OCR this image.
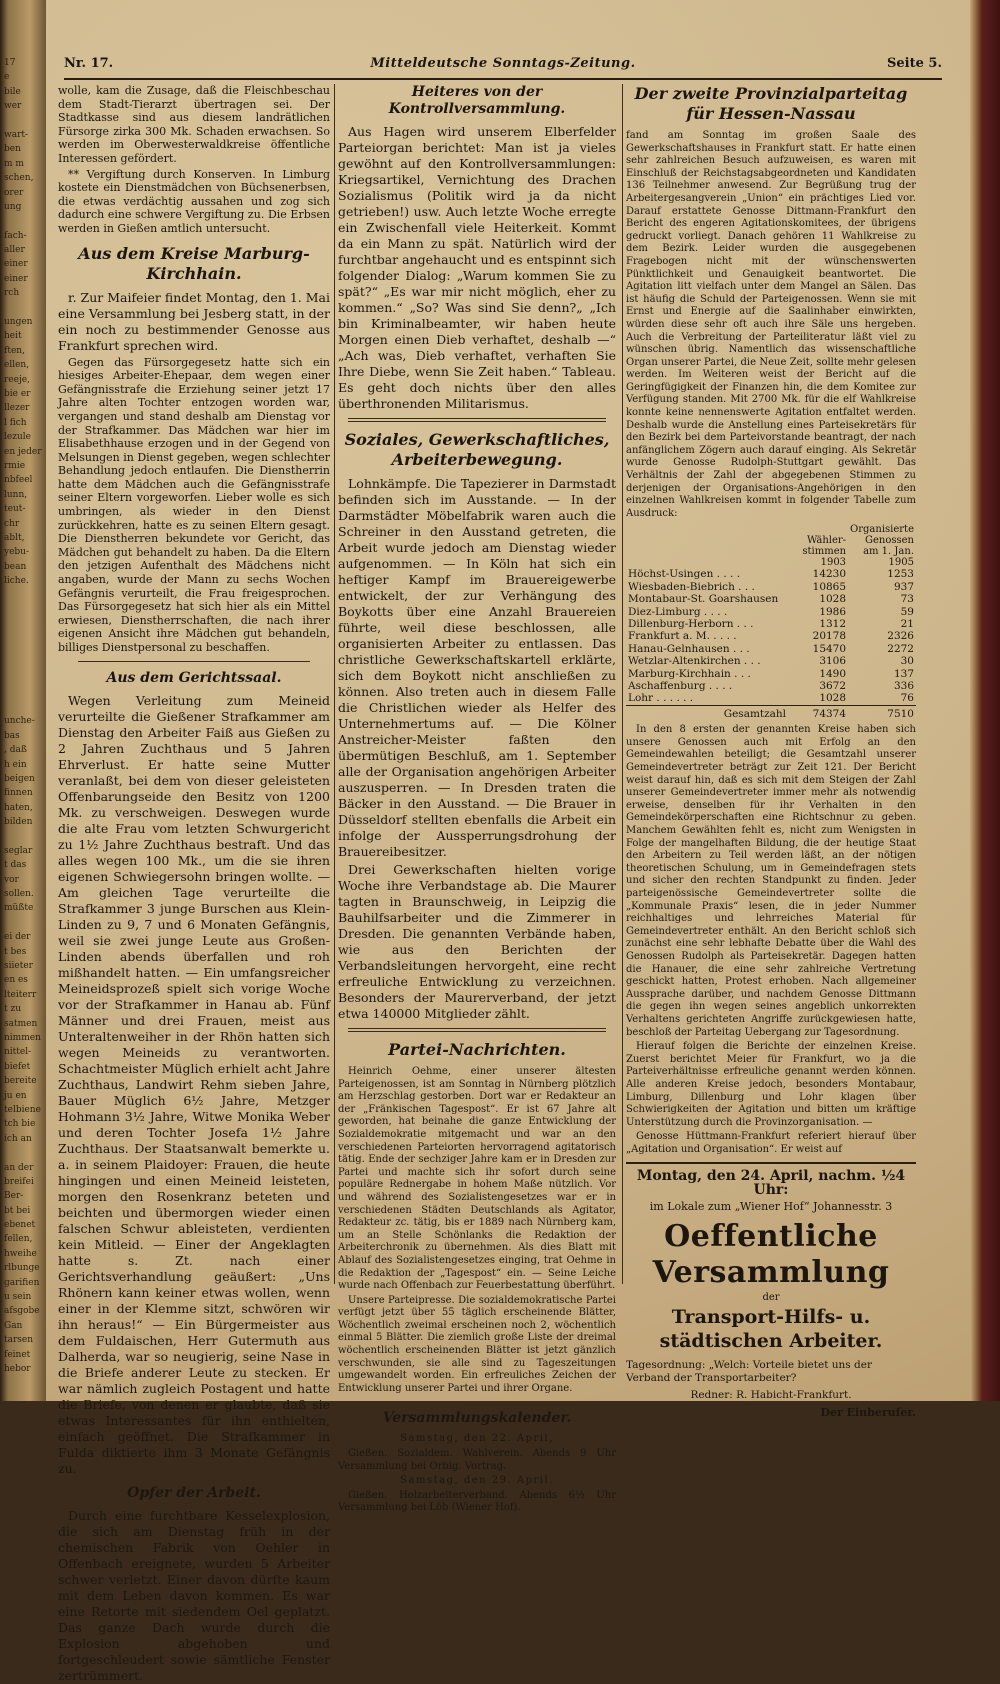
17
e
bile
wer

wart-
ben
m m
schen,
orer
ung

fach-
aller
einer
einer
rch

ungen
heit
ften,
ellen,
reeje,
bie er
llezer
l fich
lezule
en jeder
rmie
nbfeel
lunn,
teut-
chr
ablt,
yebu-
bean
liche.

unche-
bas
, daß
h ein
beigen
finnen
haten,
bilden

seglar
t das
vor
sollen.
müßte

ei der
t bes
siieter
en es
lteiterr
t zu
satmen
nimmen
nittel-
biefet
bereite
ju en
telbiene
tch bie
ich an

an der
breifei
Ber-
bt bei
ebenet
fellen,
hweihe
rlbunge
garifien
u sein
afsgobe
Gan
tarsen
feinet
hebor
Nr. 17.	Mitteldeutsche Sonntags-Zeitung.	Seite 5.

wolle, kam die Zusage, daß die Fleischbeschau dem Stadt-Tierarzt übertragen sei. Der Stadtkasse sind aus diesem landrätlichen Fürsorge zirka 300 Mk. Schaden erwachsen. So werden im Oberwesterwaldkreise öffentliche Interessen gefördert.

** Vergiftung durch Konserven. In Limburg kostete ein Dienstmädchen von Büchsenerbsen, die etwas verdächtig aussahen und zog sich dadurch eine schwere Vergiftung zu. Die Erbsen werden in Gießen amtlich untersucht.

Aus dem Kreise Marburg-Kirchhain.

r. Zur Maifeier findet Montag, den 1. Mai eine Versammlung bei Jesberg statt, in der ein noch zu bestimmender Genosse aus Frankfurt sprechen wird.

Gegen das Fürsorgegesetz hatte sich ein hiesiges Arbeiter-Ehepaar, dem wegen einer Gefängnisstrafe die Erziehung seiner jetzt 17 Jahre alten Tochter entzogen worden war, vergangen und stand deshalb am Dienstag vor der Strafkammer. Das Mädchen war hier im Elisabethhause erzogen und in der Gegend von Melsungen in Dienst gegeben, wegen schlechter Behandlung jedoch entlaufen. Die Dienstherrin hatte dem Mädchen auch die Gefängnisstrafe seiner Eltern vorgeworfen. Lieber wolle es sich umbringen, als wieder in den Dienst zurückkehren, hatte es zu seinen Eltern gesagt. Die Dienstherren bekundete vor Gericht, das Mädchen gut behandelt zu haben. Da die Eltern den jetzigen Aufenthalt des Mädchens nicht angaben, wurde der Mann zu sechs Wochen Gefängnis verurteilt, die Frau freigesprochen. Das Fürsorgegesetz hat sich hier als ein Mittel erwiesen, Dienstherrschaften, die nach ihrer eigenen Ansicht ihre Mädchen gut behandeln, billiges Dienstpersonal zu beschaffen.

Aus dem Gerichtssaal.

Wegen Verleitung zum Meineid verurteilte die Gießener Strafkammer am Dienstag den Arbeiter Faiß aus Gießen zu 2 Jahren Zuchthaus und 5 Jahren Ehrverlust. Er hatte seine Mutter veranlaßt, bei dem von dieser geleisteten Offenbarungseide den Besitz von 1200 Mk. zu verschweigen. Deswegen wurde die alte Frau vom letzten Schwurgericht zu 1½ Jahre Zuchthaus bestraft. Und das alles wegen 100 Mk., um die sie ihren eigenen Schwiegersohn bringen wollte. — Am gleichen Tage verurteilte die Strafkammer 3 junge Burschen aus Klein-Linden zu 9, 7 und 6 Monaten Gefängnis, weil sie zwei junge Leute aus Großen-Linden abends überfallen und roh mißhandelt hatten. — Ein umfangsreicher Meineidsprozeß spielt sich vorige Woche vor der Strafkammer in Hanau ab. Fünf Männer und drei Frauen, meist aus Unteraltenweiher in der Rhön hatten sich wegen Meineids zu verantworten. Schachtmeister Müglich erhielt acht Jahre Zuchthaus, Landwirt Rehm sieben Jahre, Bauer Müglich 6½ Jahre, Metzger Hohmann 3½ Jahre, Witwe Monika Weber und deren Tochter Josefa 1½ Jahre Zuchthaus. Der Staatsanwalt bemerkte u. a. in seinem Plaidoyer: Frauen, die heute hingingen und einen Meineid leisteten, morgen den Rosenkranz beteten und beichten und übermorgen wieder einen falschen Schwur ableisteten, verdienten kein Mitleid. — Einer der Angeklagten hatte s. Zt. nach einer Gerichtsverhandlung geäußert: „Uns Rhönern kann keiner etwas wollen, wenn einer in der Klemme sitzt, schwören wir ihn heraus!“ — Ein Bürgermeister aus dem Fuldaischen, Herr Gutermuth aus Dalherda, war so neugierig, seine Nase in die Briefe anderer Leute zu stecken. Er war nämlich zugleich Postagent und hatte die Briefe, von denen er glaubte, daß sie etwas Interessantes für ihn enthielten, einfach geöffnet. Die Strafkammer in Fulda diktierte ihm 3 Monate Gefängnis zu.

Opfer der Arbeit.

Durch eine furchtbare Kesselexplosion, die sich am Dienstag früh in der chemischen Fabrik von Oehler in Offenbach ereignete, wurden 5 Arbeiter schwer verletzt. Einer davon dürfte kaum mit dem Leben davon kommen. Es war eine Retorte mit siedendem Oel geplatzt. Das ganze Dach wurde durch die Explosion abgehoben und fortgeschleudert sowie sämtliche Fenster zertrümmert.

Heiteres von der Kontrollversammlung.

Aus Hagen wird unserem Elberfelder Parteiorgan berichtet: Man ist ja vieles gewöhnt auf den Kontrollversammlungen: Kriegsartikel, Vernichtung des Drachen Sozialismus (Politik wird ja da nicht getrieben!) usw. Auch letzte Woche erregte ein Zwischenfall viele Heiterkeit. Kommt da ein Mann zu spät. Natürlich wird der furchtbar angehaucht und es entspinnt sich folgender Dialog: „Warum kommen Sie zu spät?“ „Es war mir nicht möglich, eher zu kommen.“ „So? Was sind Sie denn?„ „Ich bin Kriminalbeamter, wir haben heute Morgen einen Dieb verhaftet, deshalb —“ „Ach was, Dieb verhaftet, verhaften Sie Ihre Diebe, wenn Sie Zeit haben.“ Tableau. Es geht doch nichts über den alles überthronenden Militarismus.

Soziales, Gewerkschaftliches, Arbeiterbewegung.

Lohnkämpfe. Die Tapezierer in Darmstadt befinden sich im Ausstande. — In der Darmstädter Möbelfabrik waren auch die Schreiner in den Ausstand getreten, die Arbeit wurde jedoch am Dienstag wieder aufgenommen. — In Köln hat sich ein heftiger Kampf im Brauereigewerbe entwickelt, der zur Verhängung des Boykotts über eine Anzahl Brauereien führte, weil diese beschlossen, alle organisierten Arbeiter zu entlassen. Das christliche Gewerkschaftskartell erklärte, sich dem Boykott nicht anschließen zu können. Also treten auch in diesem Falle die Christlichen wieder als Helfer des Unternehmertums auf. — Die Kölner Anstreicher-Meister faßten den übermütigen Beschluß, am 1. September alle der Organisation angehörigen Arbeiter auszusperren. — In Dresden traten die Bäcker in den Ausstand. — Die Brauer in Düsseldorf stellten ebenfalls die Arbeit ein infolge der Aussperrungsdrohung der Brauereibesitzer.

Drei Gewerkschaften hielten vorige Woche ihre Verbandstage ab. Die Maurer tagten in Braunschweig, in Leipzig die Bauhilfsarbeiter und die Zimmerer in Dresden. Die genannten Verbände haben, wie aus den Berichten der Verbandsleitungen hervorgeht, eine recht erfreuliche Entwicklung zu verzeichnen. Besonders der Maurerverband, der jetzt etwa 140000 Mitglieder zählt.

Partei-Nachrichten.

Heinrich Oehme, einer unserer ältesten Parteigenossen, ist am Sonntag in Nürnberg plötzlich am Herzschlag gestorben. Dort war er Redakteur an der „Fränkischen Tagespost“. Er ist 67 Jahre alt geworden, hat beinahe die ganze Entwicklung der Sozialdemokratie mitgemacht und war an den verschiedenen Parteiorten hervorragend agitatorisch tätig. Ende der sechziger Jahre kam er in Dresden zur Partei und machte sich ihr sofort durch seine populäre Rednergabe in hohem Maße nützlich. Vor und während des Sozialistengesetzes war er in verschiedenen Städten Deutschlands als Agitator, Redakteur zc. tätig, bis er 1889 nach Nürnberg kam, um an Stelle Schönlanks die Redaktion der Arbeiterchronik zu übernehmen. Als dies Blatt mit Ablauf des Sozialistengesetzes einging, trat Oehme in die Redaktion der „Tagespost“ ein. — Seine Leiche wurde nach Offenbach zur Feuerbestattung überführt.

Unsere Parteipresse. Die sozialdemokratische Partei verfügt jetzt über 55 täglich erscheinende Blätter, Wöchentlich zweimal erscheinen noch 2, wöchentlich einmal 5 Blätter. Die ziemlich große Liste der dreimal wöchentlich erscheinenden Blätter ist jetzt gänzlich verschwunden, sie alle sind zu Tageszeitungen umgewandelt worden. Ein erfreuliches Zeichen der Entwicklung unserer Partei und ihrer Organe.

Versammlungskalender.

Samstag, den 22. April,

Gießen. Sozialdem. Wahlverein. Abends 9 Uhr Versammlung bei Orbig. Vortrag.

Samstag, den 29. April.

Gießen. Holzarbeiterverband. Abends 6½ Uhr Versammlung bei Löb (Wiener Hof).

Der zweite Provinzialparteitag für Hessen-Nassau

fand am Sonntag im großen Saale des Gewerkschaftshauses in Frankfurt statt. Er hatte einen sehr zahlreichen Besuch aufzuweisen, es waren mit Einschluß der Reichstagsabgeordneten und Kandidaten 136 Teilnehmer anwesend. Zur Begrüßung trug der Arbeitergesangverein „Union“ ein prächtiges Lied vor. Darauf erstattete Genosse Dittmann-Frankfurt den Bericht des engeren Agitationskomitees, der übrigens gedruckt vorliegt. Danach gehören 11 Wahlkreise zu dem Bezirk. Leider wurden die ausgegebenen Fragebogen nicht mit der wünschenswerten Pünktlichkeit und Genauigkeit beantwortet. Die Agitation litt vielfach unter dem Mangel an Sälen. Das ist häufig die Schuld der Parteigenossen. Wenn sie mit Ernst und Energie auf die Saalinhaber einwirkten, würden diese sehr oft auch ihre Säle uns hergeben. Auch die Verbreitung der Parteiliteratur läßt viel zu wünschen übrig. Namentlich das wissenschaftliche Organ unserer Partei, die Neue Zeit, sollte mehr gelesen werden. Im Weiteren weist der Bericht auf die Geringfügigkeit der Finanzen hin, die dem Komitee zur Verfügung standen. Mit 2700 Mk. für die elf Wahlkreise konnte keine nennenswerte Agitation entfaltet werden. Deshalb wurde die Anstellung eines Parteisekretärs für den Bezirk bei dem Parteivorstande beantragt, der nach anfänglichem Zögern auch darauf einging. Als Sekretär wurde Genosse Rudolph-Stuttgart gewählt. Das Verhältnis der Zahl der abgegebenen Stimmen zu derjenigen der Organisations-Angehörigen in den einzelnen Wahlkreisen kommt in folgender Tabelle zum Ausdruck:

	Wähler-stimmen 1903	Organisierte Genossen am 1. Jan. 1905
Höchst-Usingen . . . .	14230	1253
Wiesbaden-Biebrich . . .	10865	937
Montabaur-St. Goarshausen	1028	73
Diez-Limburg . . . .	1986	59
Dillenburg-Herborn . . .	1312	21
Frankfurt a. M. . . . .	20178	2326
Hanau-Gelnhausen . . .	15470	2272
Wetzlar-Altenkirchen . . .	3106	30
Marburg-Kirchhain . . .	1490	137
Aschaffenburg . . . .	3672	336
Lohr . . . . . .	1028	76
Gesamtzahl	74374	7510

In den 8 ersten der genannten Kreise haben sich unsere Genossen auch mit Erfolg an den Gemeindewahlen beteiligt; die Gesamtzahl unserer Gemeindevertreter beträgt zur Zeit 121. Der Bericht weist darauf hin, daß es sich mit dem Steigen der Zahl unserer Gemeindevertreter immer mehr als notwendig erweise, denselben für ihr Verhalten in den Gemeindekörperschaften eine Richtschnur zu geben. Manchem Gewählten fehlt es, nicht zum Wenigsten in Folge der mangelhaften Bildung, die der heutige Staat den Arbeitern zu Teil werden läßt, an der nötigen theoretischen Schulung, um in Gemeindefragen stets und sicher den rechten Standpunkt zu finden. Jeder parteigenössische Gemeindevertreter sollte die „Kommunale Praxis“ lesen, die in jeder Nummer reichhaltiges und lehrreiches Material für Gemeindevertreter enthält. An den Bericht schloß sich zunächst eine sehr lebhafte Debatte über die Wahl des Genossen Rudolph als Parteisekretär. Dagegen hatten die Hanauer, die eine sehr zahlreiche Vertretung geschickt hatten, Protest erhoben. Nach allgemeiner Aussprache darüber, und nachdem Genosse Dittmann die gegen ihn wegen seines angeblich unkorrekten Verhaltens gerichteten Angriffe zurückgewiesen hatte, beschloß der Parteitag Uebergang zur Tagesordnung.

Hierauf folgen die Berichte der einzelnen Kreise. Zuerst berichtet Meier für Frankfurt, wo ja die Parteiverhältnisse erfreuliche genannt werden können. Alle anderen Kreise jedoch, besonders Montabaur, Limburg, Dillenburg und Lohr klagen über Schwierigkeiten der Agitation und bitten um kräftige Unterstützung durch die Provinzorganisation. —

Genosse Hüttmann-Frankfurt referiert hierauf über „Agitation und Organisation“. Er weist auf

Montag, den 24. April, nachm. ½4 Uhr:
im Lokale zum „Wiener Hof“ Johannesstr. 3
Oeffentliche Versammlung
der
Transport-Hilfs- u. städtischen Arbeiter.
Tagesordnung: „Welch: Vorteile bietet uns der Verband der Transportarbeiter?
Redner: R. Habicht-Frankfurt.
Der Einberufer.
